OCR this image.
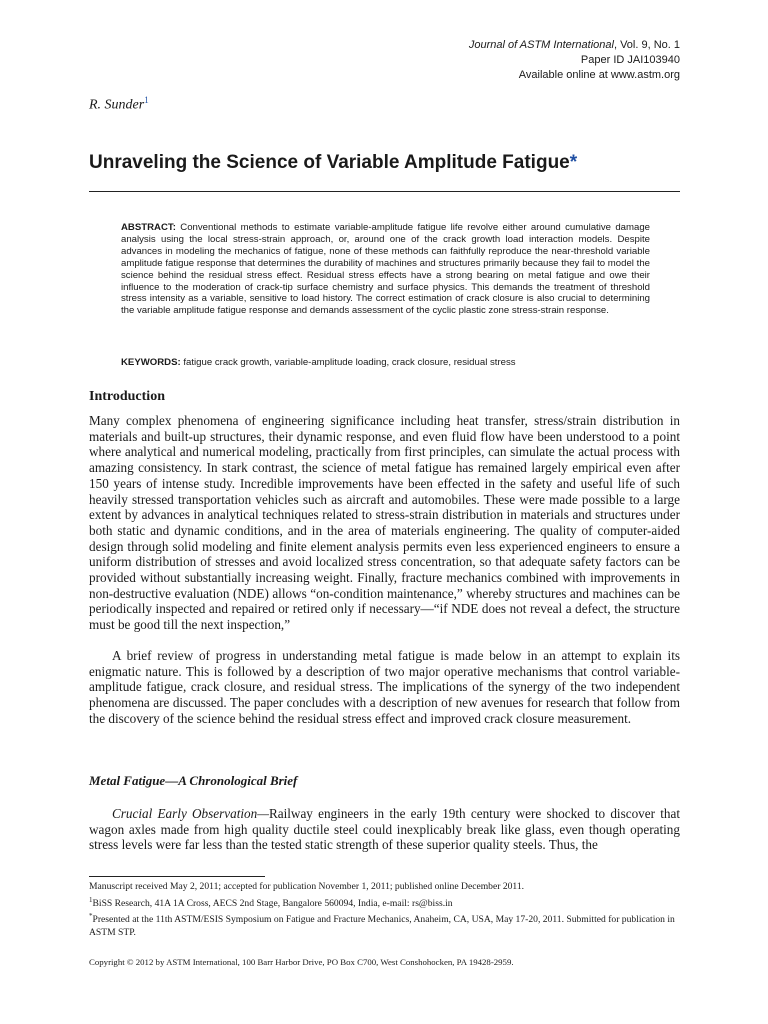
Journal of ASTM International, Vol. 9, No. 1
Paper ID JAI103940
Available online at www.astm.org
R. Sunder$^1$
Unraveling the Science of Variable Amplitude Fatigue*

ABSTRACT: Conventional methods to estimate variable-amplitude fatigue life revolve either around cumulative damage analysis using the local stress-strain approach, or, around one of the crack growth load interaction models. Despite advances in modeling the mechanics of fatigue, none of these methods can faithfully reproduce the near-threshold variable amplitude fatigue response that determines the durability of machines and structures primarily because they fail to model the science behind the residual stress effect. Residual stress effects have a strong bearing on metal fatigue and owe their influence to the moderation of crack-tip surface chemistry and surface physics. This demands the treatment of threshold stress intensity as a variable, sensitive to load history. The correct estimation of crack closure is also crucial to determining the variable amplitude fatigue response and demands assessment of the cyclic plastic zone stress-strain response.

KEYWORDS: fatigue crack growth, variable-amplitude loading, crack closure, residual stress

Introduction

Many complex phenomena of engineering significance including heat transfer, stress/strain distribution in materials and built-up structures, their dynamic response, and even fluid flow have been understood to a point where analytical and numerical modeling, practically from first principles, can simulate the actual process with amazing consistency. In stark contrast, the science of metal fatigue has remained largely empirical even after 150 years of intense study. Incredible improvements have been effected in the safety and useful life of such heavily stressed transportation vehicles such as aircraft and automobiles. These were made possible to a large extent by advances in analytical techniques related to stress-strain distribution in materials and structures under both static and dynamic conditions, and in the area of materials engineering. The quality of computer-aided design through solid modeling and finite element analysis permits even less experienced engineers to ensure a uniform distribution of stresses and avoid localized stress concentration, so that adequate safety factors can be provided without substantially increasing weight. Finally, fracture mechanics combined with improvements in non-destructive evaluation (NDE) allows “on-condition maintenance,” whereby structures and machines can be periodically inspected and repaired or retired only if necessary—“if NDE does not reveal a defect, the structure must be good till the next inspection,”

A brief review of progress in understanding metal fatigue is made below in an attempt to explain its enigmatic nature. This is followed by a description of two major operative mechanisms that control variable-amplitude fatigue, crack closure, and residual stress. The implications of the synergy of the two independent phenomena are discussed. The paper concludes with a description of new avenues for research that follow from the discovery of the science behind the residual stress effect and improved crack closure measurement.

Metal Fatigue—A Chronological Brief

Crucial Early Observation—Railway engineers in the early 19th century were shocked to discover that wagon axles made from high quality ductile steel could inexplicably break like glass, even though operating stress levels were far less than the tested static strength of these superior quality steels. Thus, the

Manuscript received May 2, 2011; accepted for publication November 1, 2011; published online December 2011.

$^1$BiSS Research, 41A 1A Cross, AECS 2nd Stage, Bangalore 560094, India, e-mail: rs@biss.in

*Presented at the 11th ASTM/ESIS Symposium on Fatigue and Fracture Mechanics, Anaheim, CA, USA, May 17-20, 2011. Submitted for publication in ASTM STP.

Copyright © 2012 by ASTM International, 100 Barr Harbor Drive, PO Box C700, West Conshohocken, PA 19428-2959.
